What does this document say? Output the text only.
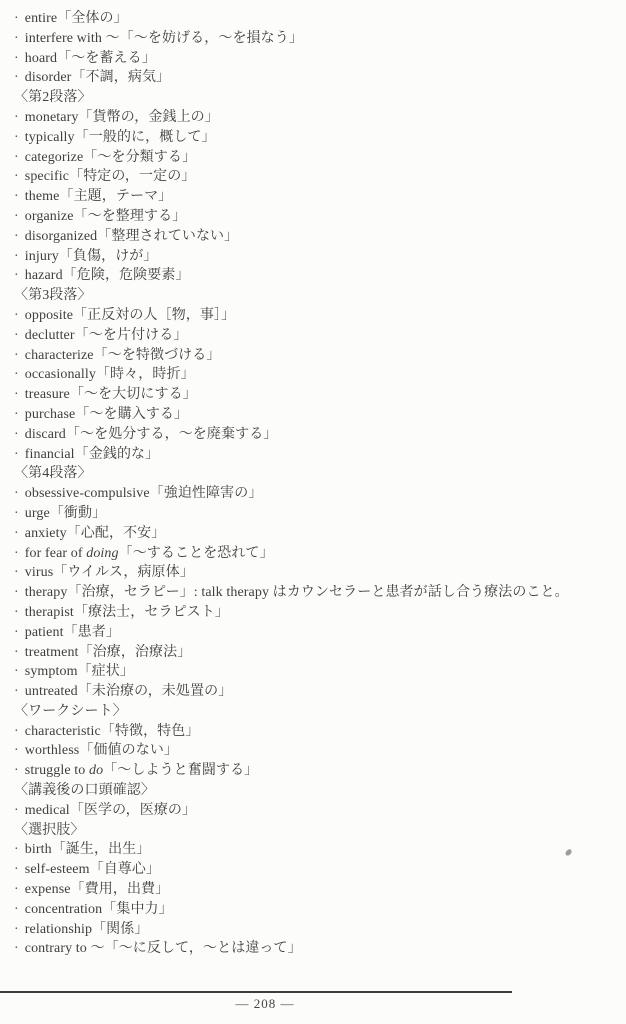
· entire「全体の」
· interfere with ～「～を妨げる，～を損なう」
· hoard「～を蓄える」
· disorder「不調，病気」
〈第2段落〉
· monetary「貨幣の，金銭上の」
· typically「一般的に，概して」
· categorize「～を分類する」
· specific「特定の，一定の」
· theme「主題，テーマ」
· organize「～を整理する」
· disorganized「整理されていない」
· injury「負傷，けが」
· hazard「危険，危険要素」
〈第3段落〉
· opposite「正反対の人［物，事］」
· declutter「～を片付ける」
· characterize「～を特徴づける」
· occasionally「時々，時折」
· treasure「～を大切にする」
· purchase「～を購入する」
· discard「～を処分する，～を廃棄する」
· financial「金銭的な」
〈第4段落〉
· obsessive-compulsive「強迫性障害の」
· urge「衝動」
· anxiety「心配，不安」
· for fear of doing「～することを恐れて」
· virus「ウイルス，病原体」
· therapy「治療，セラピー」: talk therapy はカウンセラーと患者が話し合う療法のこと。
· therapist「療法士，セラピスト」
· patient「患者」
· treatment「治療，治療法」
· symptom「症状」
· untreated「未治療の，未処置の」
〈ワークシート〉
· characteristic「特徴，特色」
· worthless「価値のない」
· struggle to do「～しようと奮闘する」
〈講義後の口頭確認〉
· medical「医学の，医療の」
〈選択肢〉
· birth「誕生，出生」
· self-esteem「自尊心」
· expense「費用，出費」
· concentration「集中力」
· relationship「関係」
· contrary to ～「～に反して，～とは違って」
— 208 —
